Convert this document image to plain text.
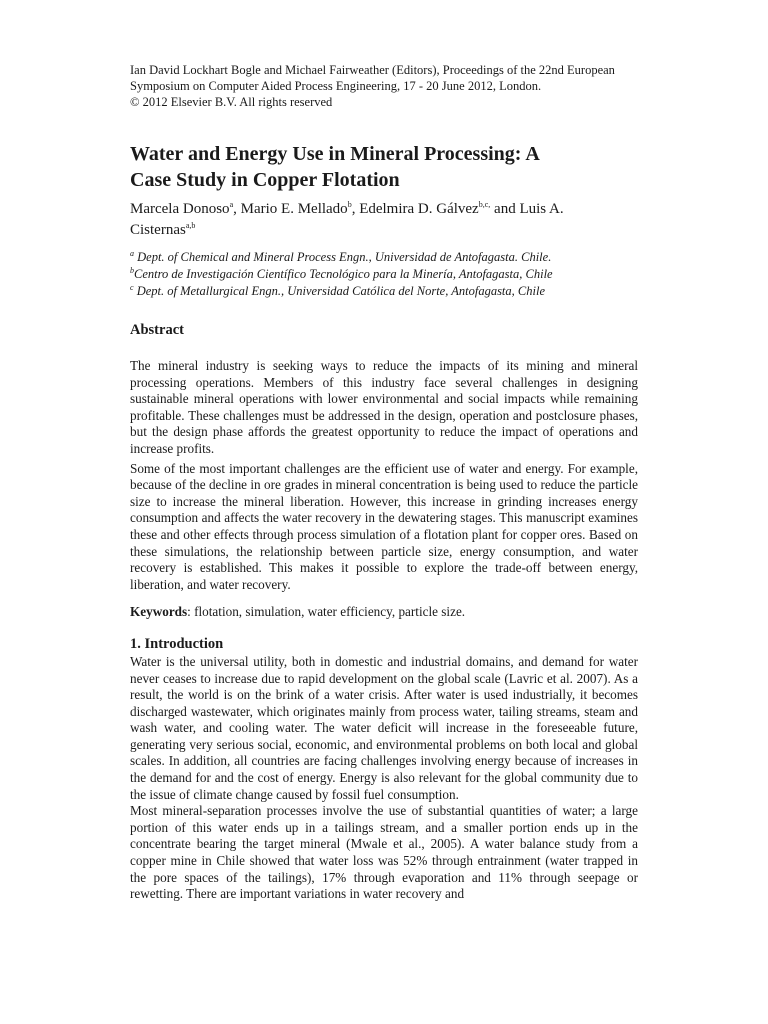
Ian David Lockhart Bogle and Michael Fairweather (Editors), Proceedings of the 22nd European
Symposium on Computer Aided Process Engineering, 17 - 20 June 2012, London.
© 2012 Elsevier B.V. All rights reserved
Water and Energy Use in Mineral Processing: A
Case Study in Copper Flotation
Marcela Donoso$^a$, Mario E. Mellado$^b$, Edelmira D. Gálvez$^{b,c,}$ and Luis A.
Cisternas$^{a,b}$
$^a$ Dept. of Chemical and Mineral Process Engn., Universidad de Antofagasta. Chile.
$^b$Centro de Investigación Científico Tecnológico para la Minería, Antofagasta, Chile
$^c$ Dept. of Metallurgical Engn., Universidad Católica del Norte, Antofagasta, Chile
Abstract

The mineral industry is seeking ways to reduce the impacts of its mining and mineral processing operations. Members of this industry face several challenges in designing sustainable mineral operations with lower environmental and social impacts while remaining profitable. These challenges must be addressed in the design, operation and postclosure phases, but the design phase affords the greatest opportunity to reduce the impact of operations and increase profits.

Some of the most important challenges are the efficient use of water and energy. For example, because of the decline in ore grades in mineral concentration is being used to reduce the particle size to increase the mineral liberation. However, this increase in grinding increases energy consumption and affects the water recovery in the dewatering stages. This manuscript examines these and other effects through process simulation of a flotation plant for copper ores. Based on these simulations, the relationship between particle size, energy consumption, and water recovery is established. This makes it possible to explore the trade-off between energy, liberation, and water recovery.

Keywords: flotation, simulation, water efficiency, particle size.
1. Introduction

Water is the universal utility, both in domestic and industrial domains, and demand for water never ceases to increase due to rapid development on the global scale (Lavric et al. 2007). As a result, the world is on the brink of a water crisis. After water is used industrially, it becomes discharged wastewater, which originates mainly from process water, tailing streams, steam and wash water, and cooling water. The water deficit will increase in the foreseeable future, generating very serious social, economic, and environmental problems on both local and global scales. In addition, all countries are facing challenges involving energy because of increases in the demand for and the cost of energy. Energy is also relevant for the global community due to the issue of climate change caused by fossil fuel consumption.

Most mineral-separation processes involve the use of substantial quantities of water; a large portion of this water ends up in a tailings stream, and a smaller portion ends up in the concentrate bearing the target mineral (Mwale et al., 2005). A water balance study from a copper mine in Chile showed that water loss was 52% through entrainment (water trapped in the pore spaces of the tailings), 17% through evaporation and 11% through seepage or rewetting. There are important variations in water recovery and
